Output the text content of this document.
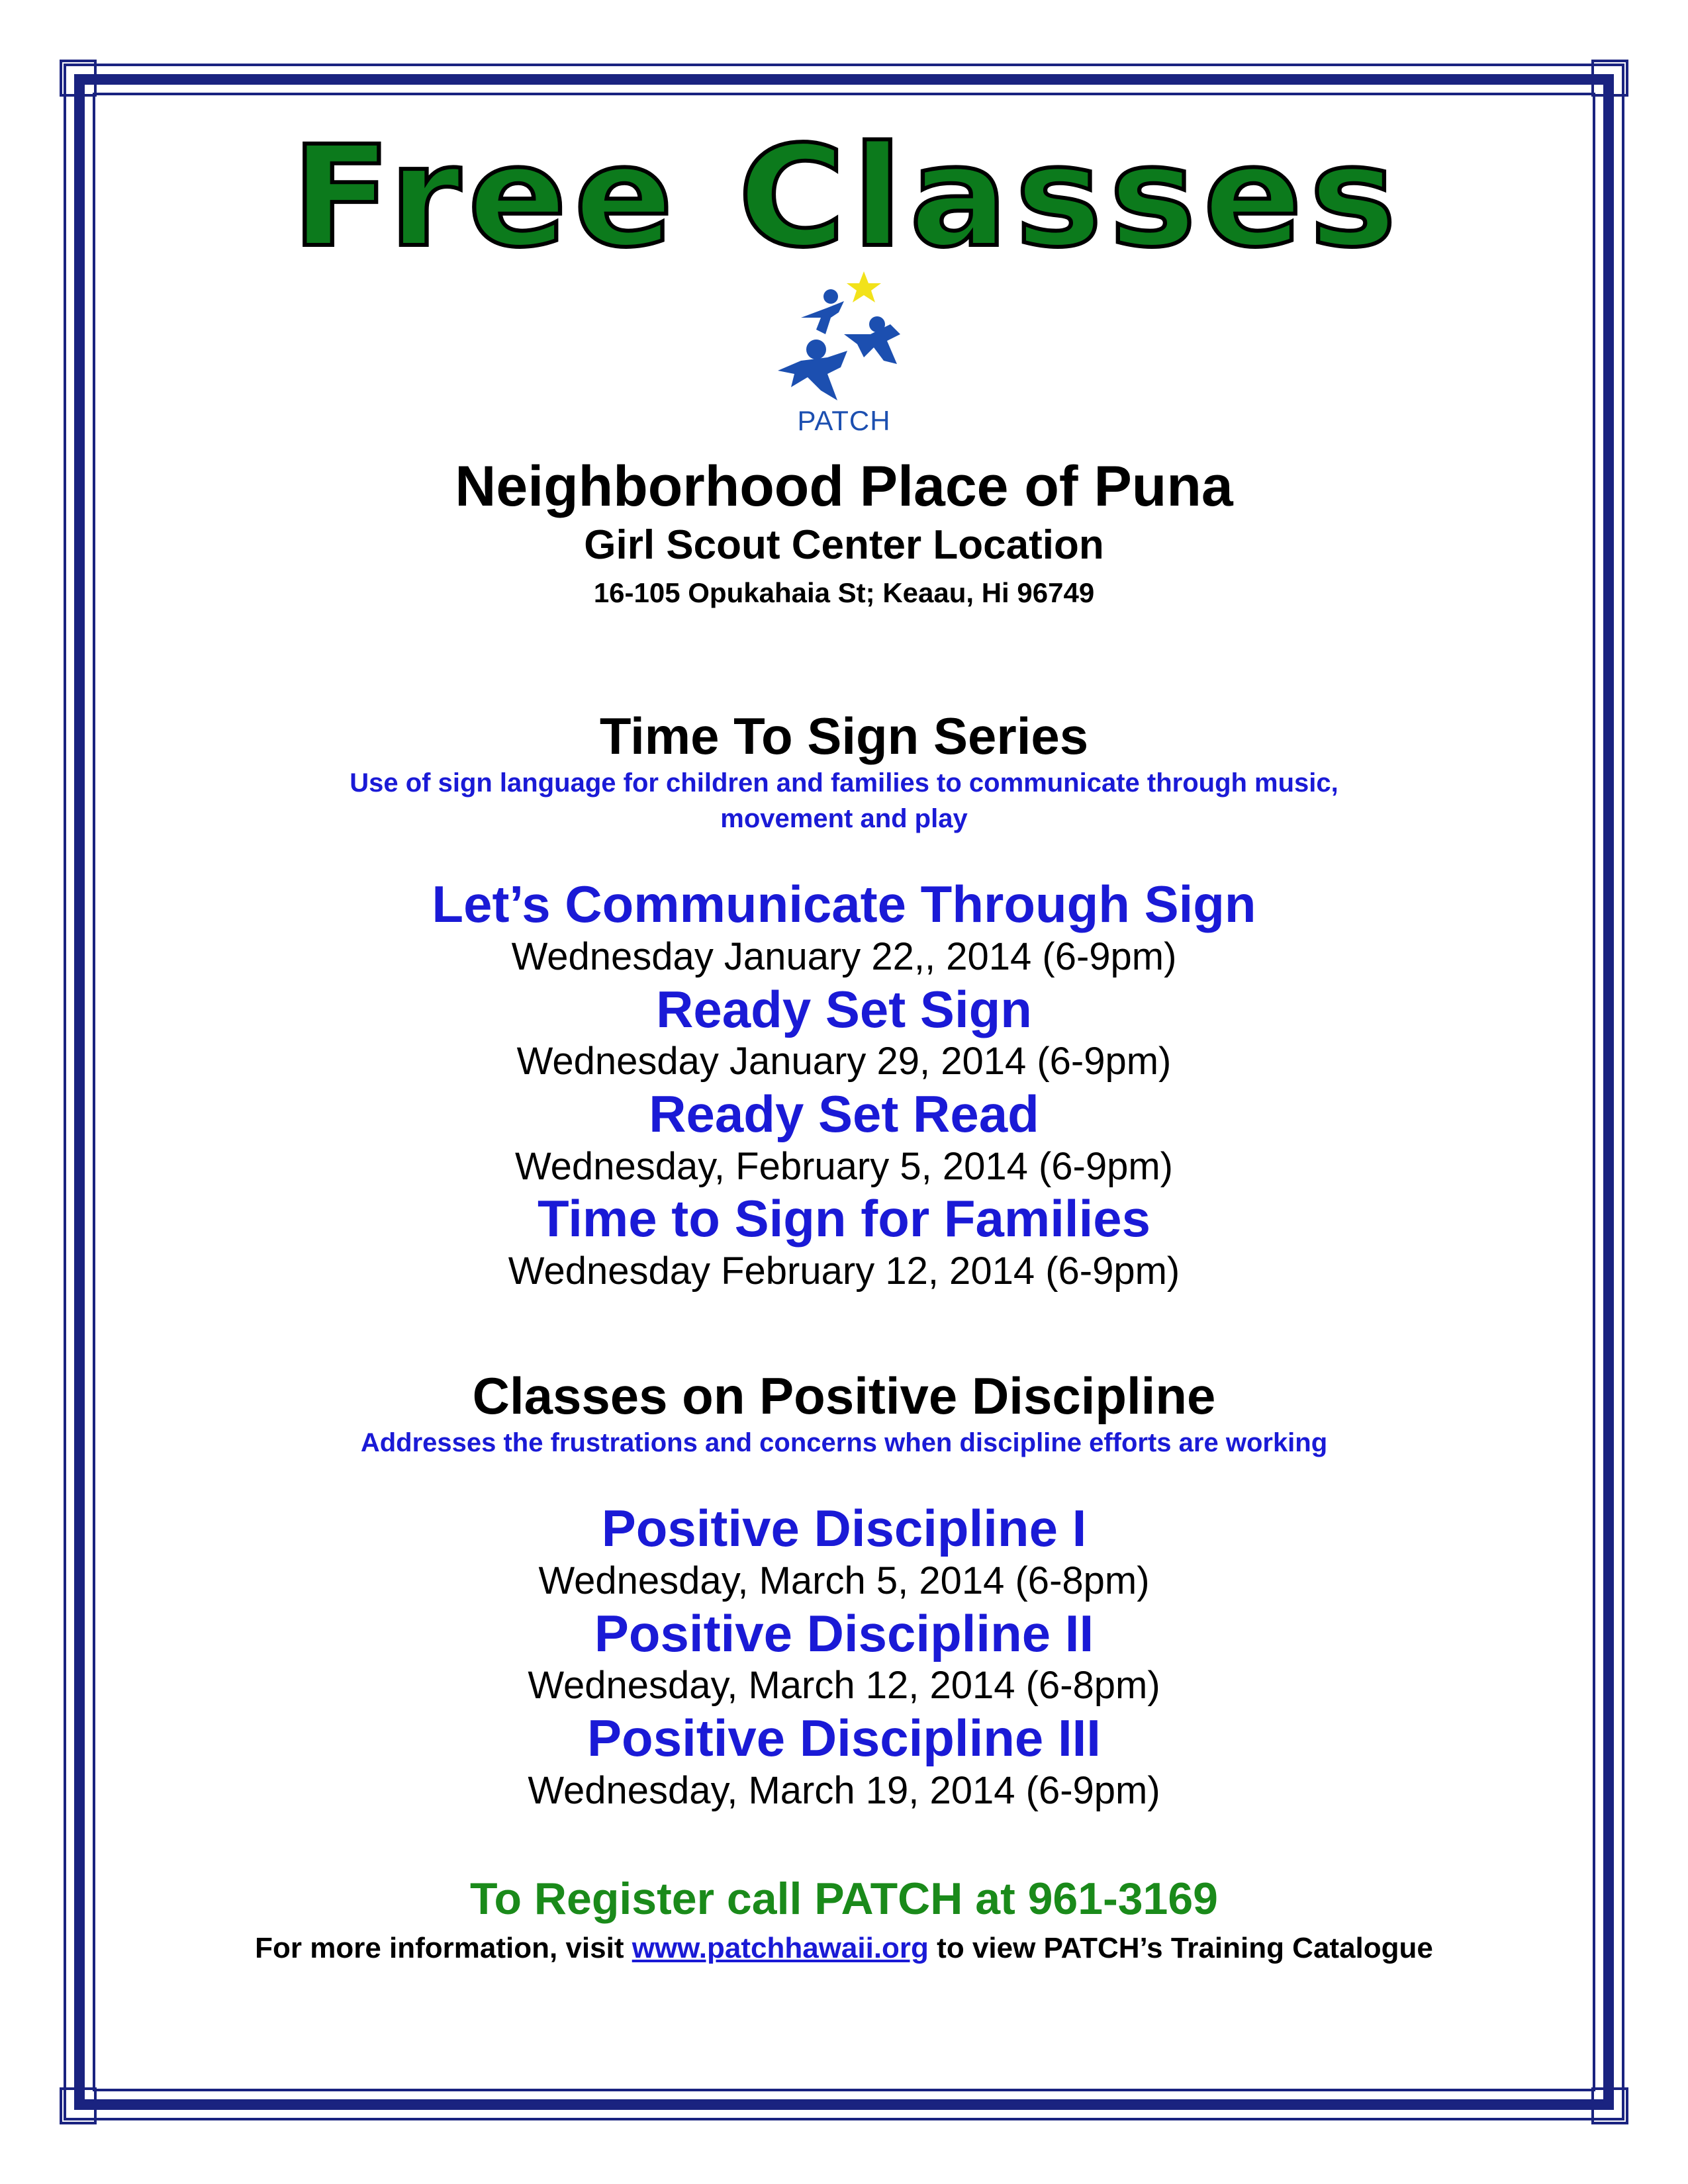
Free Classes
PATCH
Neighborhood Place of Puna
Girl Scout Center Location
16-105 Opukahaia St; Keaau, Hi 96749
Time To Sign Series
Use of sign language for children and families to communicate through music,
movement and play
Let’s Communicate Through Sign
Wednesday January 22,, 2014 (6-9pm)
Ready Set Sign
Wednesday January 29, 2014 (6-9pm)
Ready Set Read
Wednesday, February 5, 2014 (6-9pm)
Time to Sign for Families
Wednesday February 12, 2014 (6-9pm)
Classes on Positive Discipline
Addresses the frustrations and concerns when discipline efforts are working
Positive Discipline I
Wednesday, March 5, 2014 (6-8pm)
Positive Discipline II
Wednesday, March 12, 2014 (6-8pm)
Positive Discipline III
Wednesday, March 19, 2014 (6-9pm)
To Register call PATCH at 961-3169
For more information, visit www.patchhawaii.org to view PATCH’s Training Catalogue
